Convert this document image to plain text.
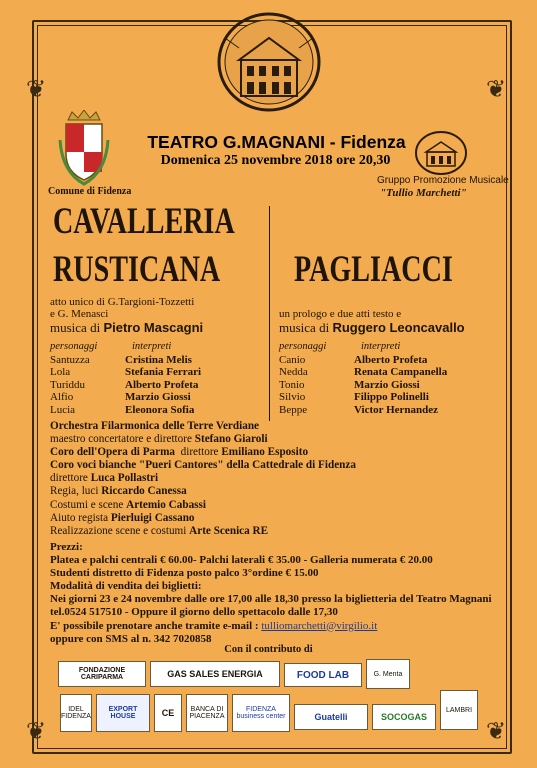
❦	❦
❦	❦
TEATRO G.MAGNANI - Fidenza
Domenica 25 novembre 2018 ore 20,30
Comune di Fidenza
Gruppo Promozione Musicale
"Tullio Marchetti"
CAVALLERIA
RUSTICANA
atto unico di G.Targioni-Tozzetti
e G. Menasci
musica di Pietro Mascagni
personaggi	interpreti
Santuzza	Cristina Melis
Lola	Stefania Ferrari
Turiddu	Alberto Profeta
Alfio	Marzio Giossi
Lucia	Eleonora Sofia
PAGLIACCI
un prologo e due atti testo e
musica di Ruggero Leoncavallo
personaggi	interpreti
Canio	Alberto Profeta
Nedda	Renata Campanella
Tonio	Marzio Giossi
Silvio	Filippo Polinelli
Beppe	Victor Hernandez
Orchestra Filarmonica delle Terre Verdiane
maestro concertatore e direttore Stefano Giaroli
Coro dell'Opera di Parma  direttore Emiliano Esposito
Coro voci bianche "Pueri Cantores" della Cattedrale di Fidenza
direttore Luca Pollastri
Regia, luci Riccardo Canessa
Costumi e scene Artemio Cabassi
Aiuto regista Pierluigi Cassano
Realizzazione scene e costumi Arte Scenica RE
Prezzi:
Platea e palchi centrali € 60.00- Palchi laterali € 35.00 - Galleria numerata € 20.00
Studenti distretto di Fidenza posto palco 3°ordine € 15.00
Modalità di vendita dei biglietti:
Nei giorni 23 e 24 novembre dalle ore 17,00 alle 18,30 presso la biglietteria del Teatro Magnani
tel.0524 517510 - Oppure il giorno dello spettacolo dalle 17,30
E' possibile prenotare anche tramite e-mail : tulliomarchetti@virgilio.it
oppure con SMS al n. 342 7020858
Con il contributo di
FONDAZIONE CARIPARMA	GAS SALES ENERGIA	FOOD LAB	G. Menta
IDEL FIDENZA
EXPORT HOUSE	CE	BANCA DI PIACENZA
FIDENZA business center	Guatelli	SOCOGAS
LAMBRI
